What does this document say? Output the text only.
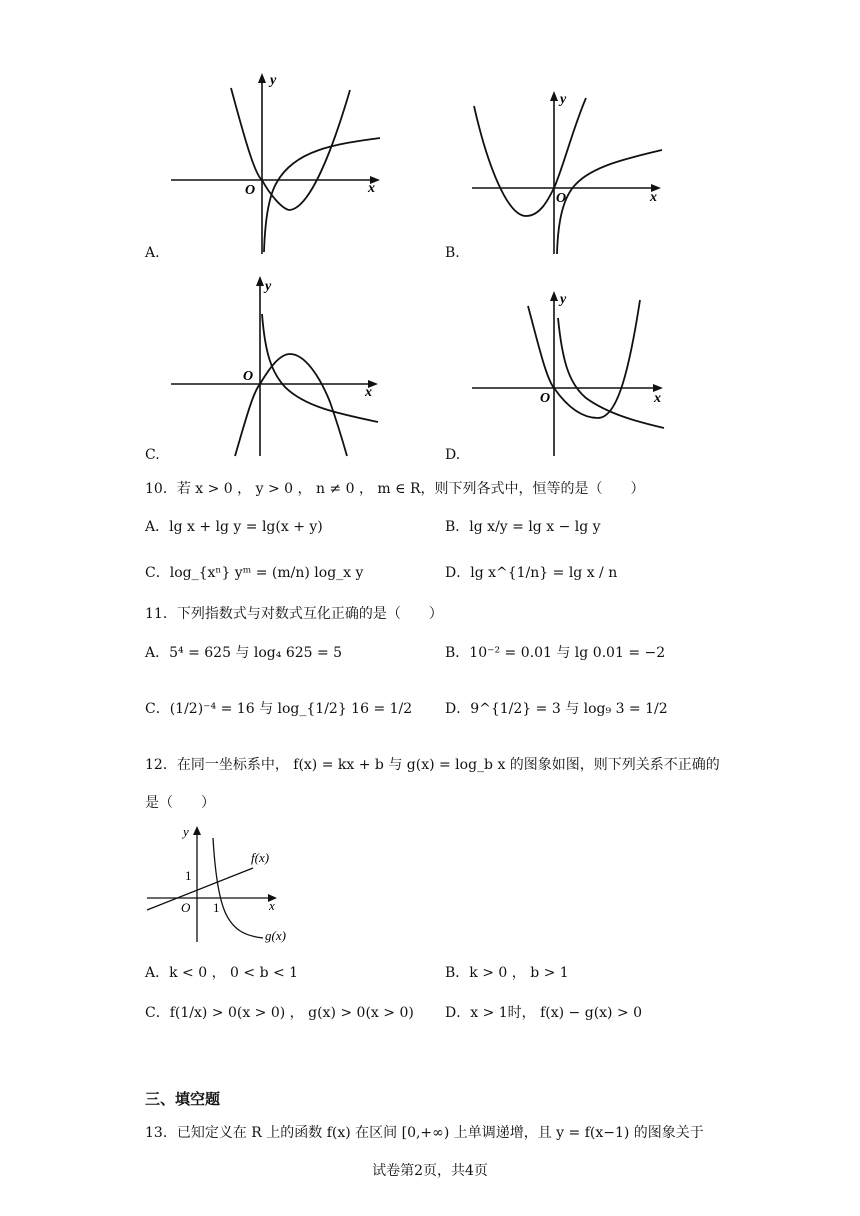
y
x
O
A.
y
x
O
B.
y
x
O
C.
y
x
O
D.
10．若 x > 0 ， y > 0 ， n ≠ 0 ， m ∈ R，则下列各式中，恒等的是（　　）
A．lg x + lg y = lg(x + y)	B．lg x/y = lg x − lg y
C．log_{xⁿ} yᵐ = (m/n) log_x y	D．lg x^{1/n} = lg x / n
11．下列指数式与对数式互化正确的是（　　）
A．5⁴ = 625 与 log₄ 625 = 5	B．10⁻² = 0.01 与 lg 0.01 = −2
C．(1/2)⁻⁴ = 16 与 log_{1/2} 16 = 1/2 D．9^{1/2} = 3 与 log₉ 3 = 1/2
12．在同一坐标系中， f(x) = kx + b 与 g(x) = log_b x 的图象如图，则下列关系不正确的
是（　　）
y
x
O
1
1
f(x)
g(x)
A．k < 0 ， 0 < b < 1	B．k > 0 ， b > 1
C．f(1/x) > 0(x > 0) ， g(x) > 0(x > 0) D．x > 1时， f(x) − g(x) > 0
三、填空题
13．已知定义在 R 上的函数 f(x) 在区间 [0,+∞) 上单调递增，且 y = f(x−1) 的图象关于
试卷第2页，共4页
